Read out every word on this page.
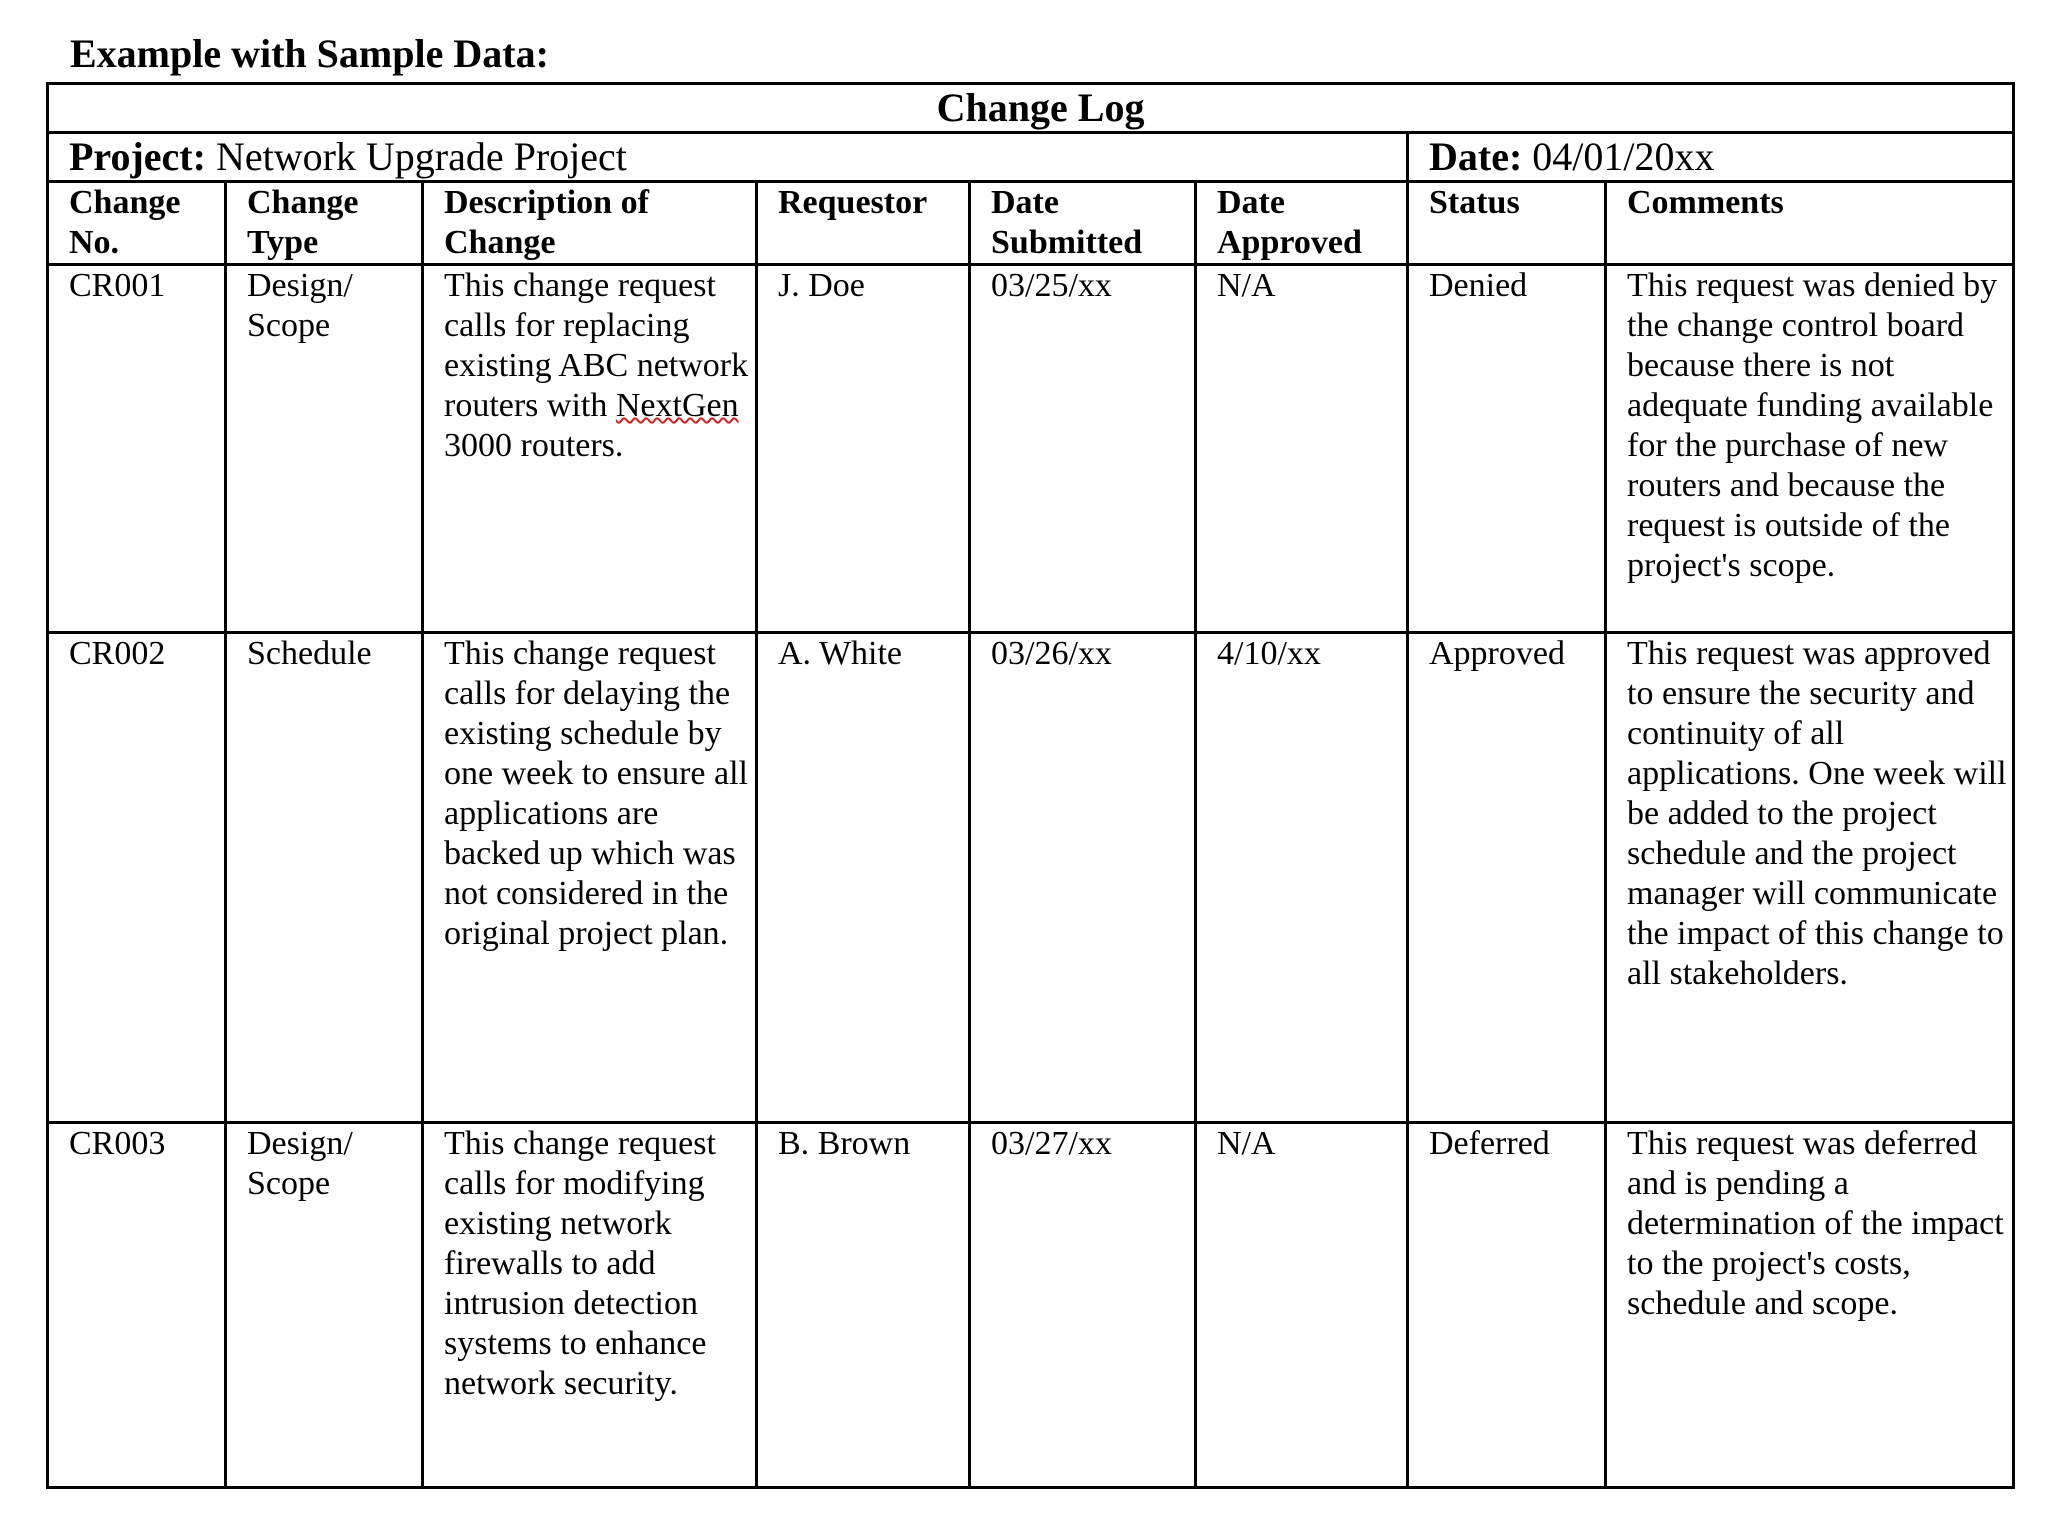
Example with Sample Data:
Change Log							
Project: Network Upgrade Project						Date: 04/01/20xx	
Change No.	Change Type	Description of Change	Requestor	Date Submitted	Date Approved	Status	Comments
CR001	Design/ Scope	This change request calls for replacing existing ABC network routers with NextGen 3000 routers.	J. Doe	03/25/xx	N/A	Denied	This request was denied by the change control board because there is not adequate funding available for the purchase of new routers and because the request is outside of the project's scope.
CR002	Schedule	This change request calls for delaying the existing schedule by one week to ensure all applications are backed up which was not considered in the original project plan.	A. White	03/26/xx	4/10/xx	Approved	This request was approved to ensure the security and continuity of all applications. One week will be added to the project schedule and the project manager will communicate the impact of this change to all stakeholders.
CR003	Design/ Scope	This change request calls for modifying existing network firewalls to add intrusion detection systems to enhance network security.	B. Brown	03/27/xx	N/A	Deferred	This request was deferred and is pending a determination of the impact to the project's costs, schedule and scope.
